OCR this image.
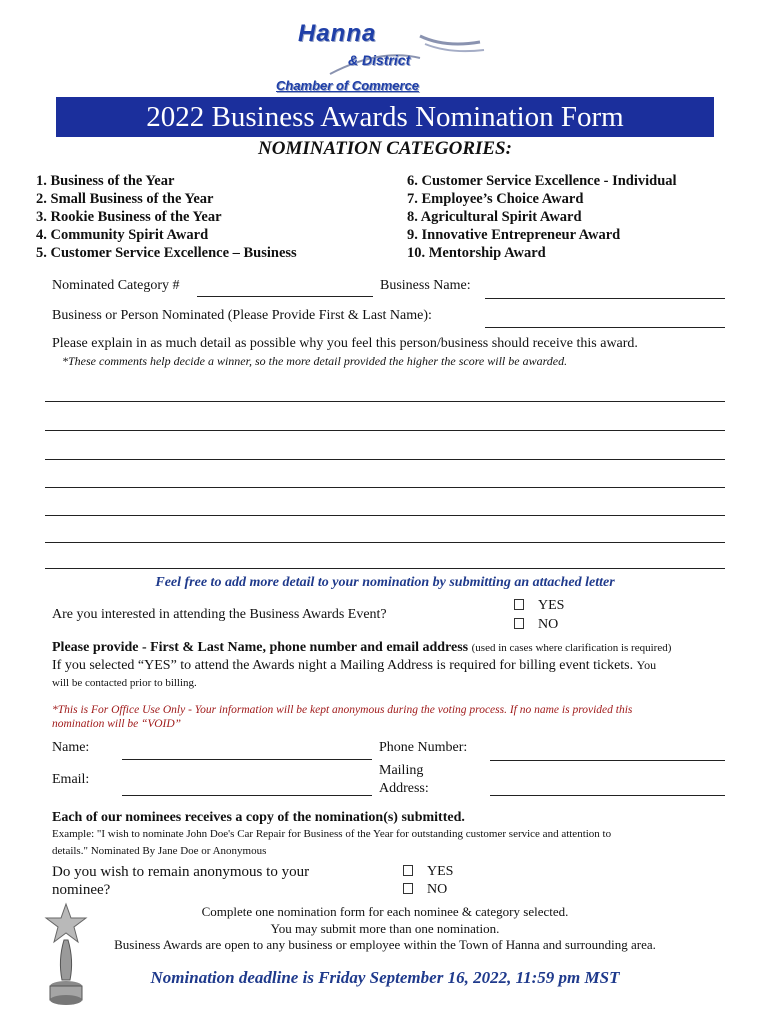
Hanna
& District
Chamber of Commerce
2022 Business Awards Nomination Form
NOMINATION CATEGORIES:
1. Business of the Year
2. Small Business of the Year
3. Rookie Business of the Year
4. Community Spirit Award
5. Customer Service Excellence – Business
6. Customer Service Excellence - Individual
7. Employee’s Choice Award
8. Agricultural Spirit Award
9. Innovative Entrepreneur Award
10. Mentorship Award
Nominated Category #	Business Name:
Business or Person Nominated (Please Provide First & Last Name):
Please explain in as much detail as possible why you feel this person/business should receive this award.
*These comments help decide a winner, so the more detail provided the higher the score will be awarded.
Feel free to add more detail to your nomination by submitting an attached letter
Are you interested in attending the Business Awards Event?
YES
NO
Please provide - First & Last Name, phone number and email address (used in cases where clarification is required)
If you selected “YES” to attend the Awards night a Mailing Address is required for billing event tickets. You
will be contacted prior to billing.
*This is For Office Use Only - Your information will be kept anonymous during the voting process. If no name is provided this
nomination will be “VOID”
Name:	Phone Number:
Email:
Mailing
Address:
Each of our nominees receives a copy of the nomination(s) submitted.
Example: "I wish to nominate John Doe's Car Repair for Business of the Year for outstanding customer service and attention to
details." Nominated By Jane Doe or Anonymous
Do you wish to remain anonymous to your
nominee?
YES
NO
Complete one nomination form for each nominee & category selected.
You may submit more than one nomination.
Business Awards are open to any business or employee within the Town of Hanna and surrounding area.
Nomination deadline is Friday September 16, 2022, 11:59 pm MST
